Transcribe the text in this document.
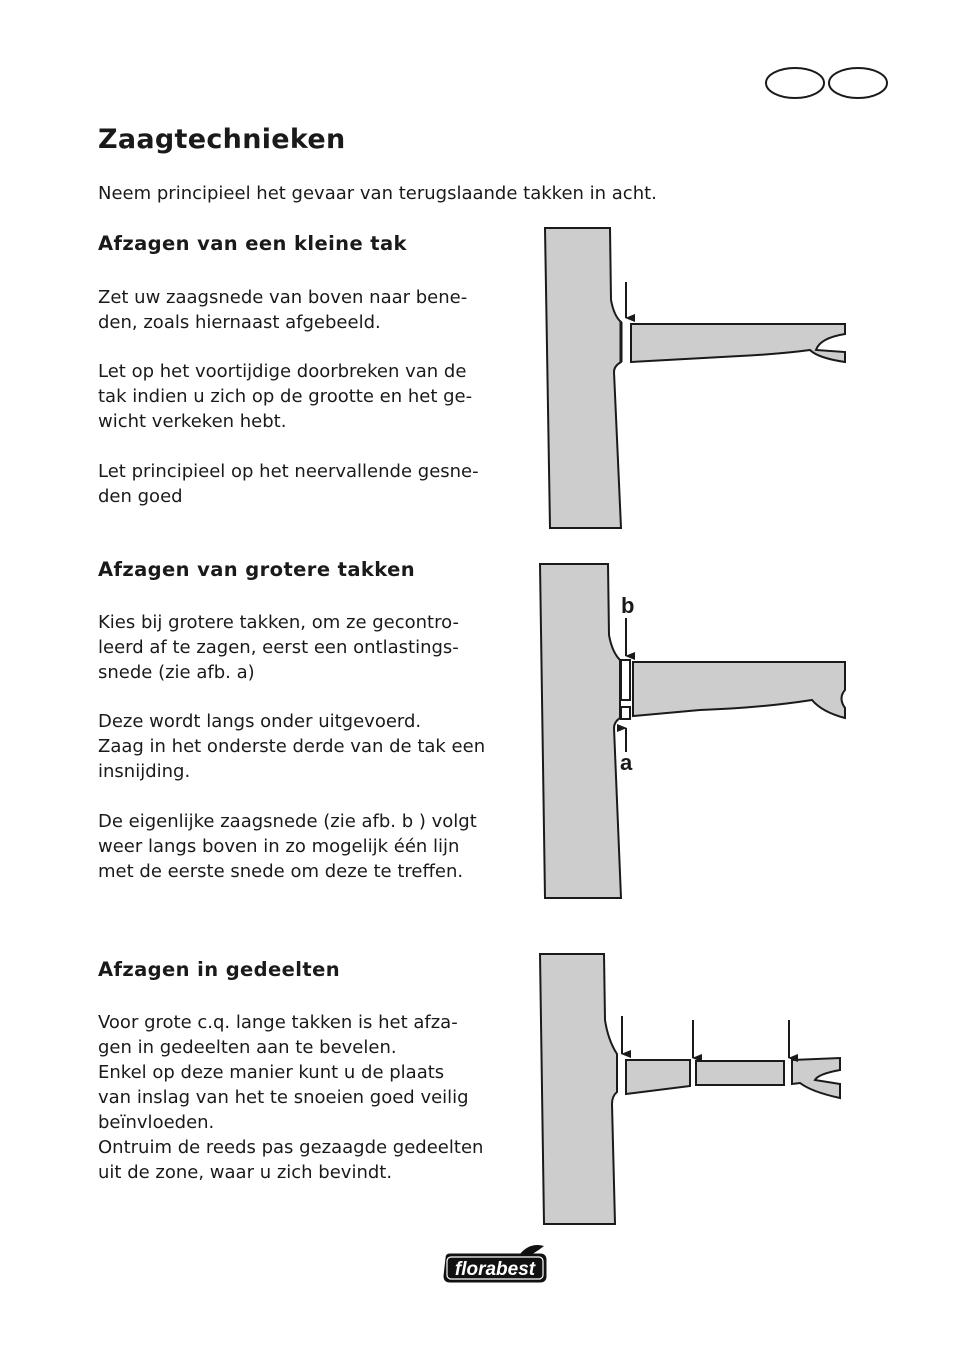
Zaagtechnieken
Neem principieel het gevaar van terugslaande takken in acht.
Afzagen van een kleine tak

Zet uw zaagsnede van boven naar bene-
den, zoals hiernaast afgebeeld.

Let op het voortijdige doorbreken van de
tak indien u zich op de grootte en het ge-
wicht verkeken hebt.

Let principieel op het neervallende gesne-
den goed

Afzagen van grotere takken

Kies bij grotere takken, om ze gecontro-
leerd af te zagen, eerst een ontlastings-
snede (zie afb. a)

Deze wordt langs onder uitgevoerd.
Zaag in het onderste derde van de tak een
insnijding.

De eigenlijke zaagsnede (zie afb. b ) volgt
weer langs boven in zo mogelijk één lijn
met de eerste snede om deze te treffen.

Afzagen in gedeelten

Voor grote c.q. lange takken is het afza-
gen in gedeelten aan te bevelen.
Enkel op deze manier kunt u de plaats
van inslag van het te snoeien goed veilig
beïnvloeden.
Ontruim de reeds pas gezaagde gedeelten
uit de zone, waar u zich bevindt.

b
a
florabest
